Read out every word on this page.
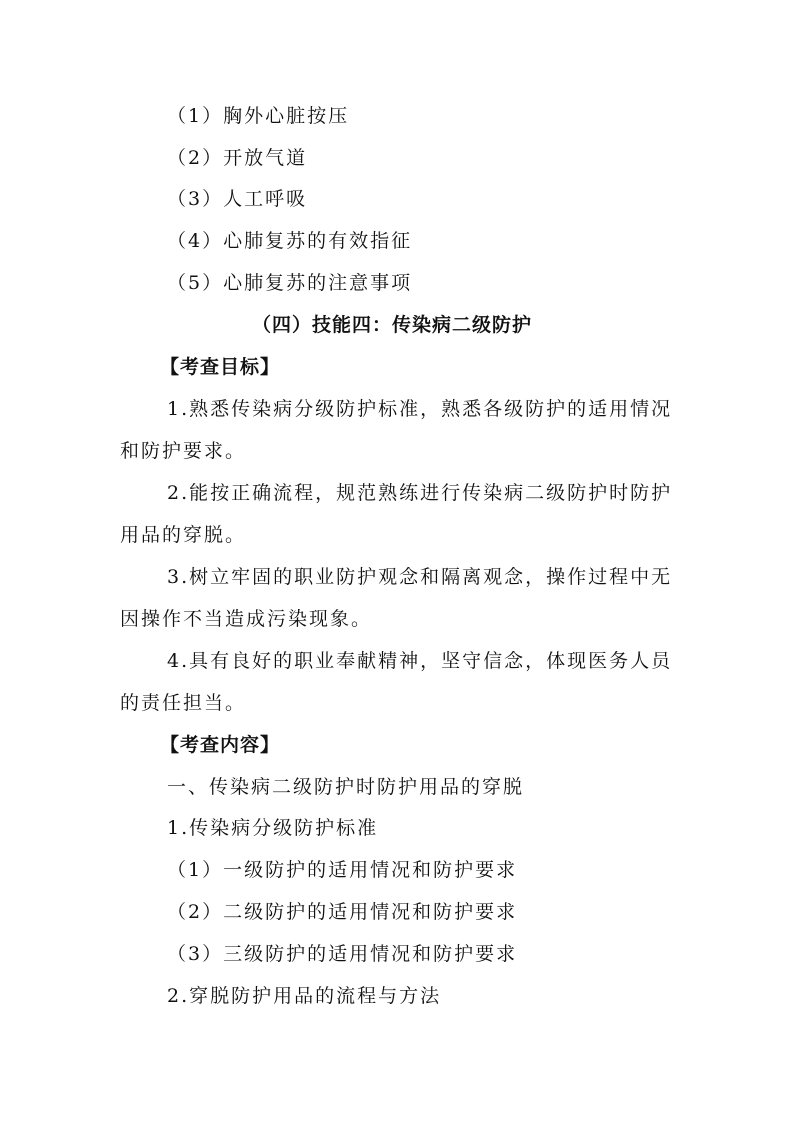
（1）胸外心脏按压
（2）开放气道
（3）人工呼吸
（4）心肺复苏的有效指征
（5）心肺复苏的注意事项
（四）技能四：传染病二级防护
【考查目标】
1.熟悉传染病分级防护标准，熟悉各级防护的适用情况
和防护要求。
2.能按正确流程，规范熟练进行传染病二级防护时防护
用品的穿脱。
3.树立牢固的职业防护观念和隔离观念，操作过程中无
因操作不当造成污染现象。
4.具有良好的职业奉献精神，坚守信念，体现医务人员
的责任担当。
【考查内容】
一、传染病二级防护时防护用品的穿脱
1.传染病分级防护标准
（1）一级防护的适用情况和防护要求
（2）二级防护的适用情况和防护要求
（3）三级防护的适用情况和防护要求
2.穿脱防护用品的流程与方法
